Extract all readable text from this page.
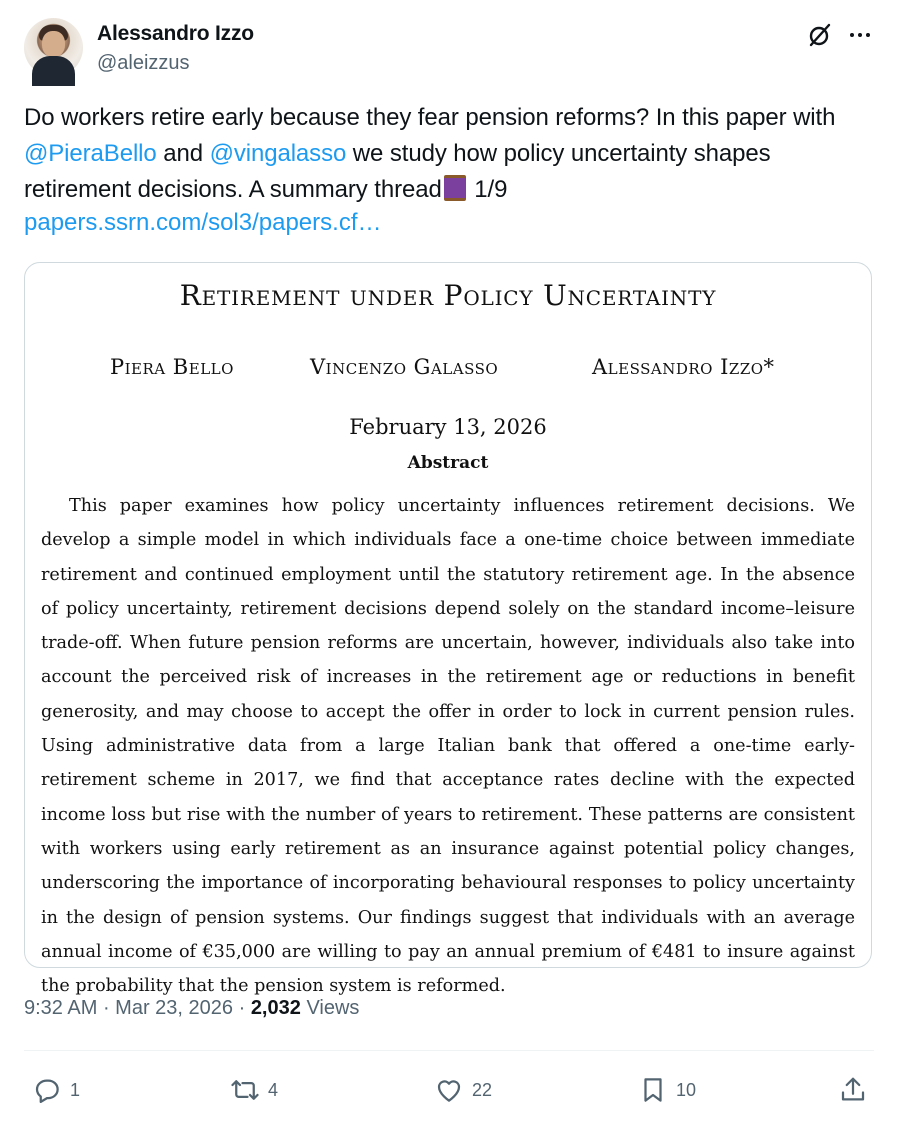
Alessandro Izzo
@aleizzus
Do workers retire early because they fear pension reforms? In this paper with @PieraBello and @vingalasso we study how policy uncertainty shapes retirement decisions. A summary thread 1/9
papers.ssrn.com/sol3/papers.cf…
Retirement under Policy Uncertainty
Piera Bello	Vincenzo Galasso	Alessandro Izzo*
February 13, 2026
Abstract
This paper examines how policy uncertainty influences retirement decisions. We develop a simple model in which individuals face a one-time choice between immediate retirement and continued employment until the statutory retirement age. In the absence of policy uncertainty, retirement decisions depend solely on the standard income–leisure trade-off. When future pension reforms are uncertain, however, individuals also take into account the perceived risk of increases in the retirement age or reductions in benefit generosity, and may choose to accept the offer in order to lock in current pension rules. Using administrative data from a large Italian bank that offered a one-time early-retirement scheme in 2017, we find that acceptance rates decline with the expected income loss but rise with the number of years to retirement. These patterns are consistent with workers using early retirement as an insurance against potential policy changes, underscoring the importance of incorporating behavioural responses to policy uncertainty in the design of pension systems. Our findings suggest that individuals with an average annual income of €35,000 are willing to pay an annual premium of €481 to insure against the probability that the pension system is reformed.
9:32 AM · Mar 23, 2026 · 2,032 Views
1	4	22	10
